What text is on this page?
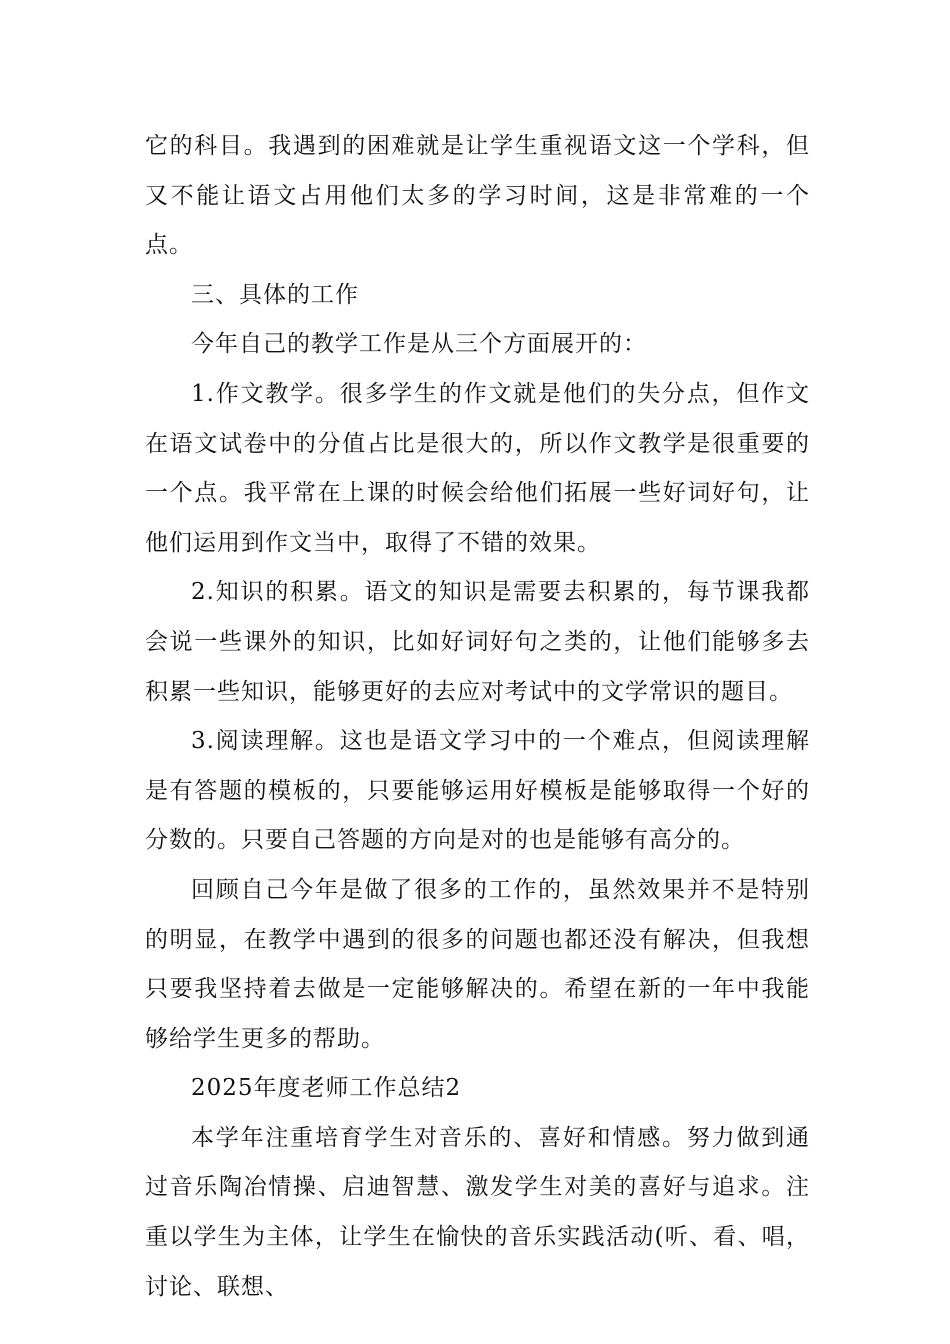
它的科目。我遇到的困难就是让学生重视语文这一个学科，但又不能让语文占用他们太多的学习时间，这是非常难的一个点。

三、具体的工作

今年自己的教学工作是从三个方面展开的：

1.作文教学。很多学生的作文就是他们的失分点，但作文在语文试卷中的分值占比是很大的，所以作文教学是很重要的一个点。我平常在上课的时候会给他们拓展一些好词好句，让他们运用到作文当中，取得了不错的效果。

2.知识的积累。语文的知识是需要去积累的，每节课我都会说一些课外的知识，比如好词好句之类的，让他们能够多去积累一些知识，能够更好的去应对考试中的文学常识的题目。

3.阅读理解。这也是语文学习中的一个难点，但阅读理解是有答题的模板的，只要能够运用好模板是能够取得一个好的分数的。只要自己答题的方向是对的也是能够有高分的。

回顾自己今年是做了很多的工作的，虽然效果并不是特别的明显，在教学中遇到的很多的问题也都还没有解决，但我想只要我坚持着去做是一定能够解决的。希望在新的一年中我能够给学生更多的帮助。

2025年度老师工作总结2

本学年注重培育学生对音乐的、喜好和情感。努力做到通过音乐陶冶情操、启迪智慧、激发学生对美的喜好与追求。注重以学生为主体，让学生在愉快的音乐实践活动(听、看、唱，讨论、联想、
